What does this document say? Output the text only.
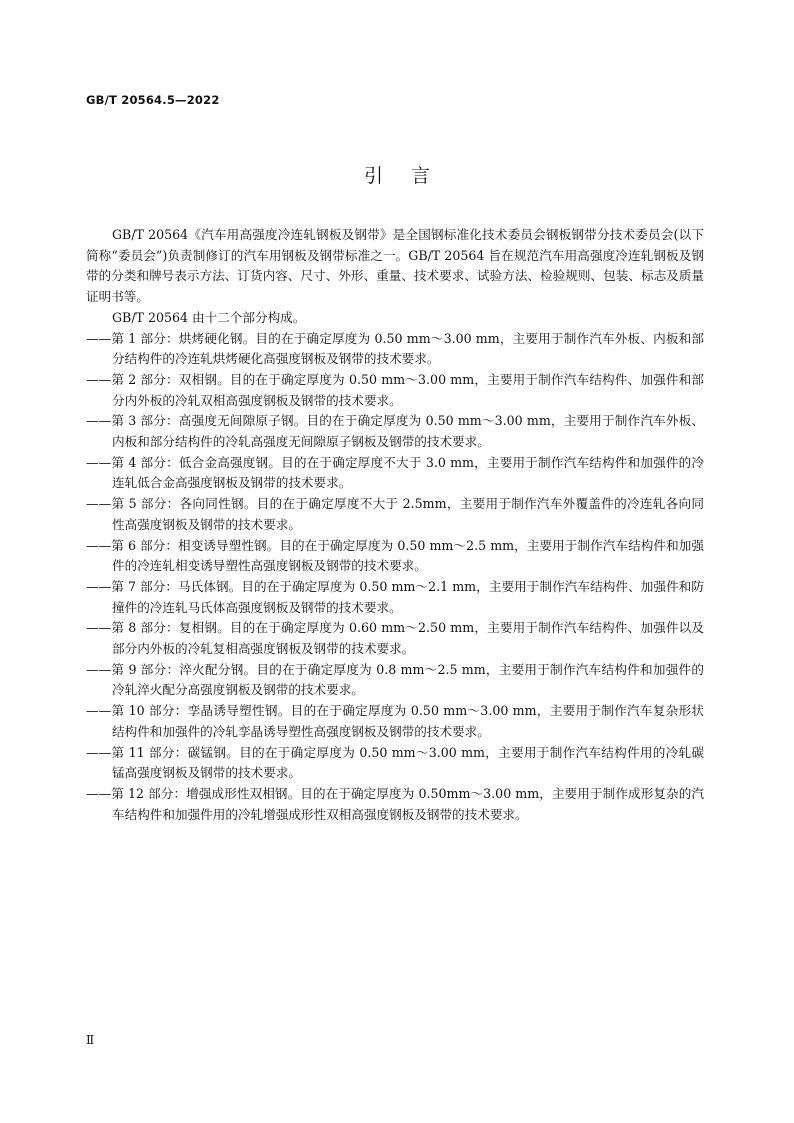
GB/T 20564.5—2022
引言

GB/T 20564《汽车用高强度冷连轧钢板及钢带》是全国钢标准化技术委员会钢板钢带分技术委员会(以下简称“委员会”)负责制修订的汽车用钢板及钢带标准之一。GB/T 20564 旨在规范汽车用高强度冷连轧钢板及钢带的分类和牌号表示方法、订货内容、尺寸、外形、重量、技术要求、试验方法、检验规则、包装、标志及质量证明书等。

GB/T 20564 由十二个部分构成。

——第 1 部分：烘烤硬化钢。目的在于确定厚度为 0.50 mm～3.00 mm，主要用于制作汽车外板、内板和部分结构件的冷连轧烘烤硬化高强度钢板及钢带的技术要求。

——第 2 部分：双相钢。目的在于确定厚度为 0.50 mm～3.00 mm，主要用于制作汽车结构件、加强件和部分内外板的冷轧双相高强度钢板及钢带的技术要求。

——第 3 部分：高强度无间隙原子钢。目的在于确定厚度为 0.50 mm～3.00 mm，主要用于制作汽车外板、内板和部分结构件的冷轧高强度无间隙原子钢板及钢带的技术要求。

——第 4 部分：低合金高强度钢。目的在于确定厚度不大于 3.0 mm，主要用于制作汽车结构件和加强件的冷连轧低合金高强度钢板及钢带的技术要求。

——第 5 部分：各向同性钢。目的在于确定厚度不大于 2.5mm，主要用于制作汽车外覆盖件的冷连轧各向同性高强度钢板及钢带的技术要求。

——第 6 部分：相变诱导塑性钢。目的在于确定厚度为 0.50 mm～2.5 mm，主要用于制作汽车结构件和加强件的冷连轧相变诱导塑性高强度钢板及钢带的技术要求。

——第 7 部分：马氏体钢。目的在于确定厚度为 0.50 mm～2.1 mm，主要用于制作汽车结构件、加强件和防撞件的冷连轧马氏体高强度钢板及钢带的技术要求。

——第 8 部分：复相钢。目的在于确定厚度为 0.60 mm～2.50 mm，主要用于制作汽车结构件、加强件以及部分内外板的冷轧复相高强度钢板及钢带的技术要求。

——第 9 部分：淬火配分钢。目的在于确定厚度为 0.8 mm～2.5 mm，主要用于制作汽车结构件和加强件的冷轧淬火配分高强度钢板及钢带的技术要求。

——第 10 部分：孪晶诱导塑性钢。目的在于确定厚度为 0.50 mm～3.00 mm，主要用于制作汽车复杂形状结构件和加强件的冷轧孪晶诱导塑性高强度钢板及钢带的技术要求。

——第 11 部分：碳锰钢。目的在于确定厚度为 0.50 mm～3.00 mm，主要用于制作汽车结构件用的冷轧碳锰高强度钢板及钢带的技术要求。

——第 12 部分：增强成形性双相钢。目的在于确定厚度为 0.50mm～3.00 mm，主要用于制作成形复杂的汽车结构件和加强件用的冷轧增强成形性双相高强度钢板及钢带的技术要求。

Ⅱ
